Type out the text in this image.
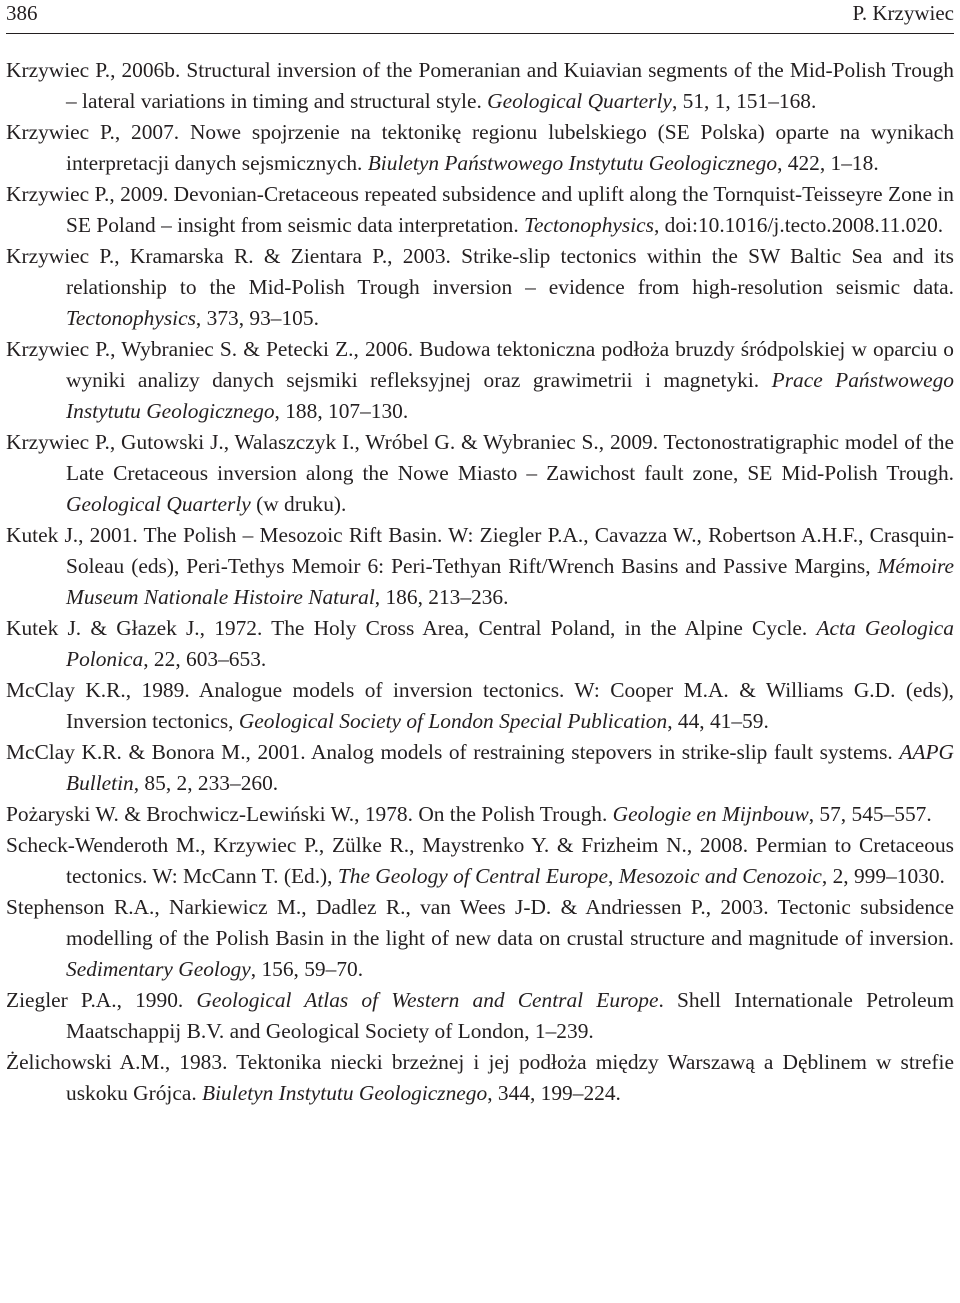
386	P. Krzywiec

Krzywiec P., 2006b. Structural inversion of the Pomeranian and Kuiavian segments of the Mid-Polish Trough – lateral variations in timing and structural style. Geological Quarterly, 51, 1, 151–168.

Krzywiec P., 2007. Nowe spojrzenie na tektonikę regionu lubelskiego (SE Polska) oparte na wynikach interpretacji danych sejsmicznych. Biuletyn Państwowego Instytutu Geologicznego, 422, 1–18.

Krzywiec P., 2009. Devonian-Cretaceous repeated subsidence and uplift along the Tornquist-Teisseyre Zone in SE Poland – insight from seismic data interpretation. Tectonophysics, doi:10.1016/j.tecto.2008.11.020.

Krzywiec P., Kramarska R. & Zientara P., 2003. Strike-slip tectonics within the SW Baltic Sea and its relationship to the Mid-Polish Trough inversion – evidence from high-resolution seismic data. Tectonophysics, 373, 93–105.

Krzywiec P., Wybraniec S. & Petecki Z., 2006. Budowa tektoniczna podłoża bruzdy śródpolskiej w oparciu o wyniki analizy danych sejsmiki refleksyjnej oraz grawimetrii i magnetyki. Prace Państwowego Instytutu Geologicznego, 188, 107–130.

Krzywiec P., Gutowski J., Walaszczyk I., Wróbel G. & Wybraniec S., 2009. Tectonostratigraphic model of the Late Cretaceous inversion along the Nowe Miasto – Zawichost fault zone, SE Mid-Polish Trough. Geological Quarterly (w druku).

Kutek J., 2001. The Polish – Mesozoic Rift Basin. W: Ziegler P.A., Cavazza W., Robertson A.H.F., Crasquin-Soleau (eds), Peri-Tethys Memoir 6: Peri-Tethyan Rift/Wrench Basins and Passive Margins, Mémoire Museum Nationale Histoire Natural, 186, 213–236.

Kutek J. & Głazek J., 1972. The Holy Cross Area, Central Poland, in the Alpine Cycle. Acta Geologica Polonica, 22, 603–653.

McClay K.R., 1989. Analogue models of inversion tectonics. W: Cooper M.A. & Williams G.D. (eds), Inversion tectonics, Geological Society of London Special Publication, 44, 41–59.

McClay K.R. & Bonora M., 2001. Analog models of restraining stepovers in strike-slip fault systems. AAPG Bulletin, 85, 2, 233–260.

Pożaryski W. & Brochwicz-Lewiński W., 1978. On the Polish Trough. Geologie en Mijnbouw, 57, 545–557.

Scheck-Wenderoth M., Krzywiec P., Zülke R., Maystrenko Y. & Frizheim N., 2008. Permian to Cretaceous tectonics. W: McCann T. (Ed.), The Geology of Central Europe, Mesozoic and Cenozoic, 2, 999–1030.

Stephenson R.A., Narkiewicz M., Dadlez R., van Wees J-D. & Andriessen P., 2003. Tectonic subsidence modelling of the Polish Basin in the light of new data on crustal structure and magnitude of inversion. Sedimentary Geology, 156, 59–70.

Ziegler P.A., 1990. Geological Atlas of Western and Central Europe. Shell Internationale Petroleum Maatschappij B.V. and Geological Society of London, 1–239.

Żelichowski A.M., 1983. Tektonika niecki brzeżnej i jej podłoża między Warszawą a Dęblinem w strefie uskoku Grójca. Biuletyn Instytutu Geologicznego, 344, 199–224.
